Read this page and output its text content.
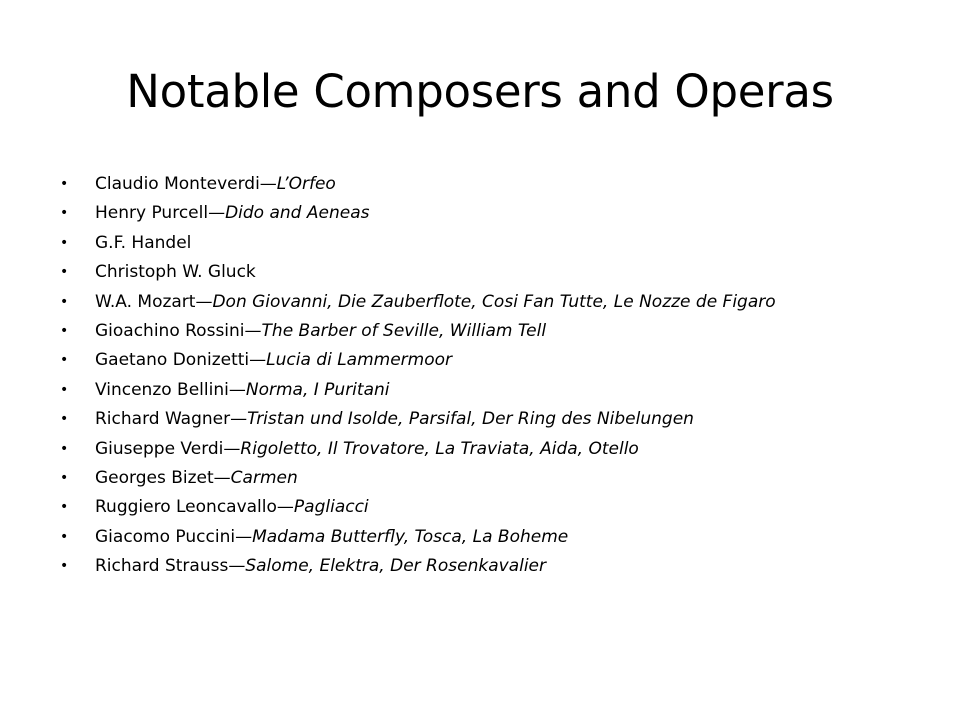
Notable Composers and Operas
• Claudio Monteverdi—L’Orfeo
• Henry Purcell—Dido and Aeneas
• G.F. Handel
• Christoph W. Gluck
• W.A. Mozart—Don Giovanni, Die Zauberflote, Cosi Fan Tutte, Le Nozze de Figaro
• Gioachino Rossini—The Barber of Seville, William Tell
• Gaetano Donizetti—Lucia di Lammermoor
• Vincenzo Bellini—Norma, I Puritani
• Richard Wagner—Tristan und Isolde, Parsifal, Der Ring des Nibelungen
• Giuseppe Verdi—Rigoletto, Il Trovatore, La Traviata, Aida, Otello
• Georges Bizet—Carmen
• Ruggiero Leoncavallo—Pagliacci
• Giacomo Puccini—Madama Butterfly, Tosca, La Boheme
• Richard Strauss—Salome, Elektra, Der Rosenkavalier
